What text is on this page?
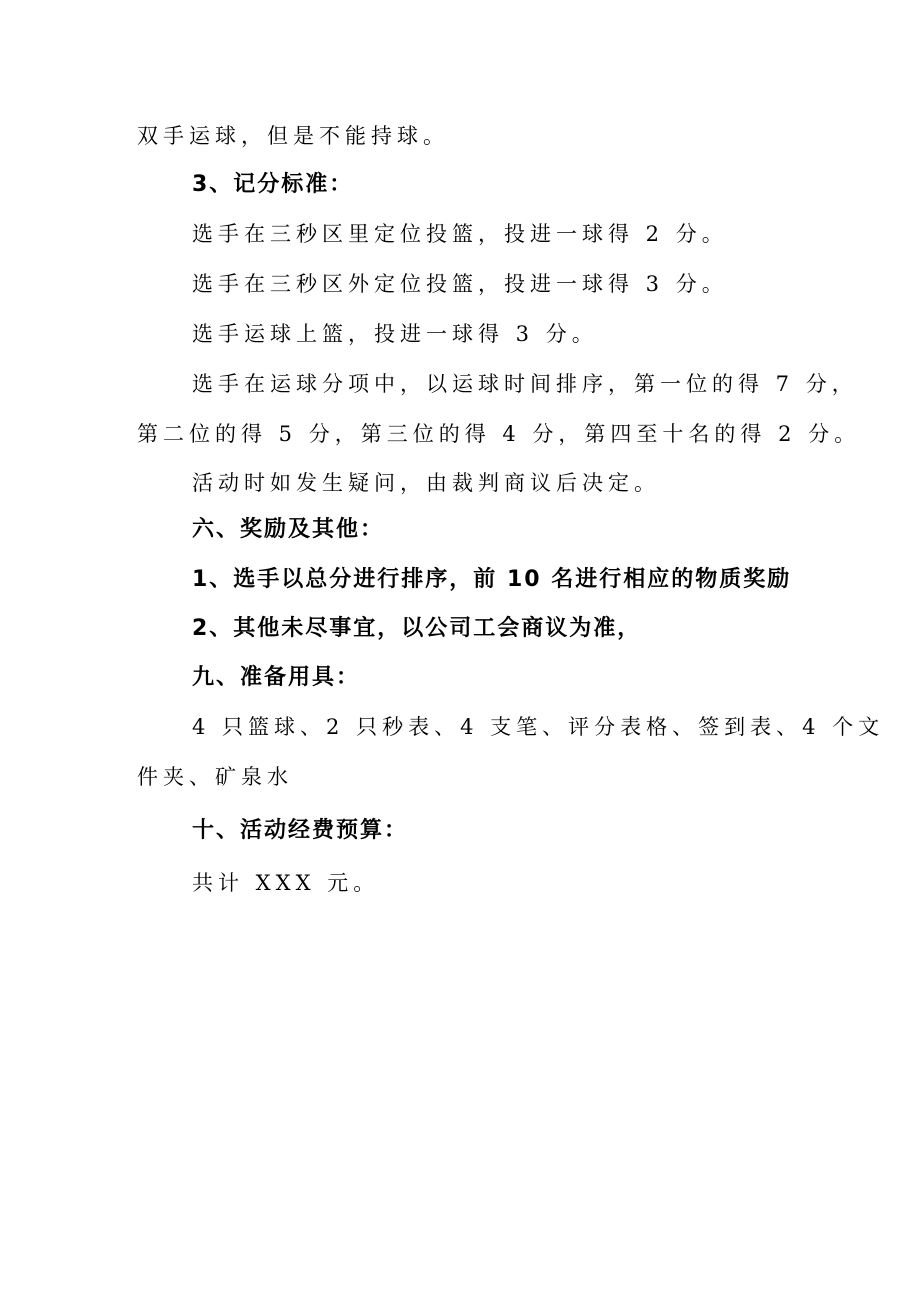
双手运球，但是不能持球。
3、记分标准：
选手在三秒区里定位投篮，投进一球得 2 分。
选手在三秒区外定位投篮，投进一球得 3 分。
选手运球上篮，投进一球得 3 分。
选手在运球分项中，以运球时间排序，第一位的得 7 分，
第二位的得 5 分，第三位的得 4 分，第四至十名的得 2 分。
活动时如发生疑问，由裁判商议后决定。
六、奖励及其他：
1、选手以总分进行排序，前 10 名进行相应的物质奖励
2、其他未尽事宜，以公司工会商议为准，
九、准备用具：
4 只篮球、2 只秒表、4 支笔、评分表格、签到表、4 个文
件夹、矿泉水
十、活动经费预算：
共计 XXX 元。
